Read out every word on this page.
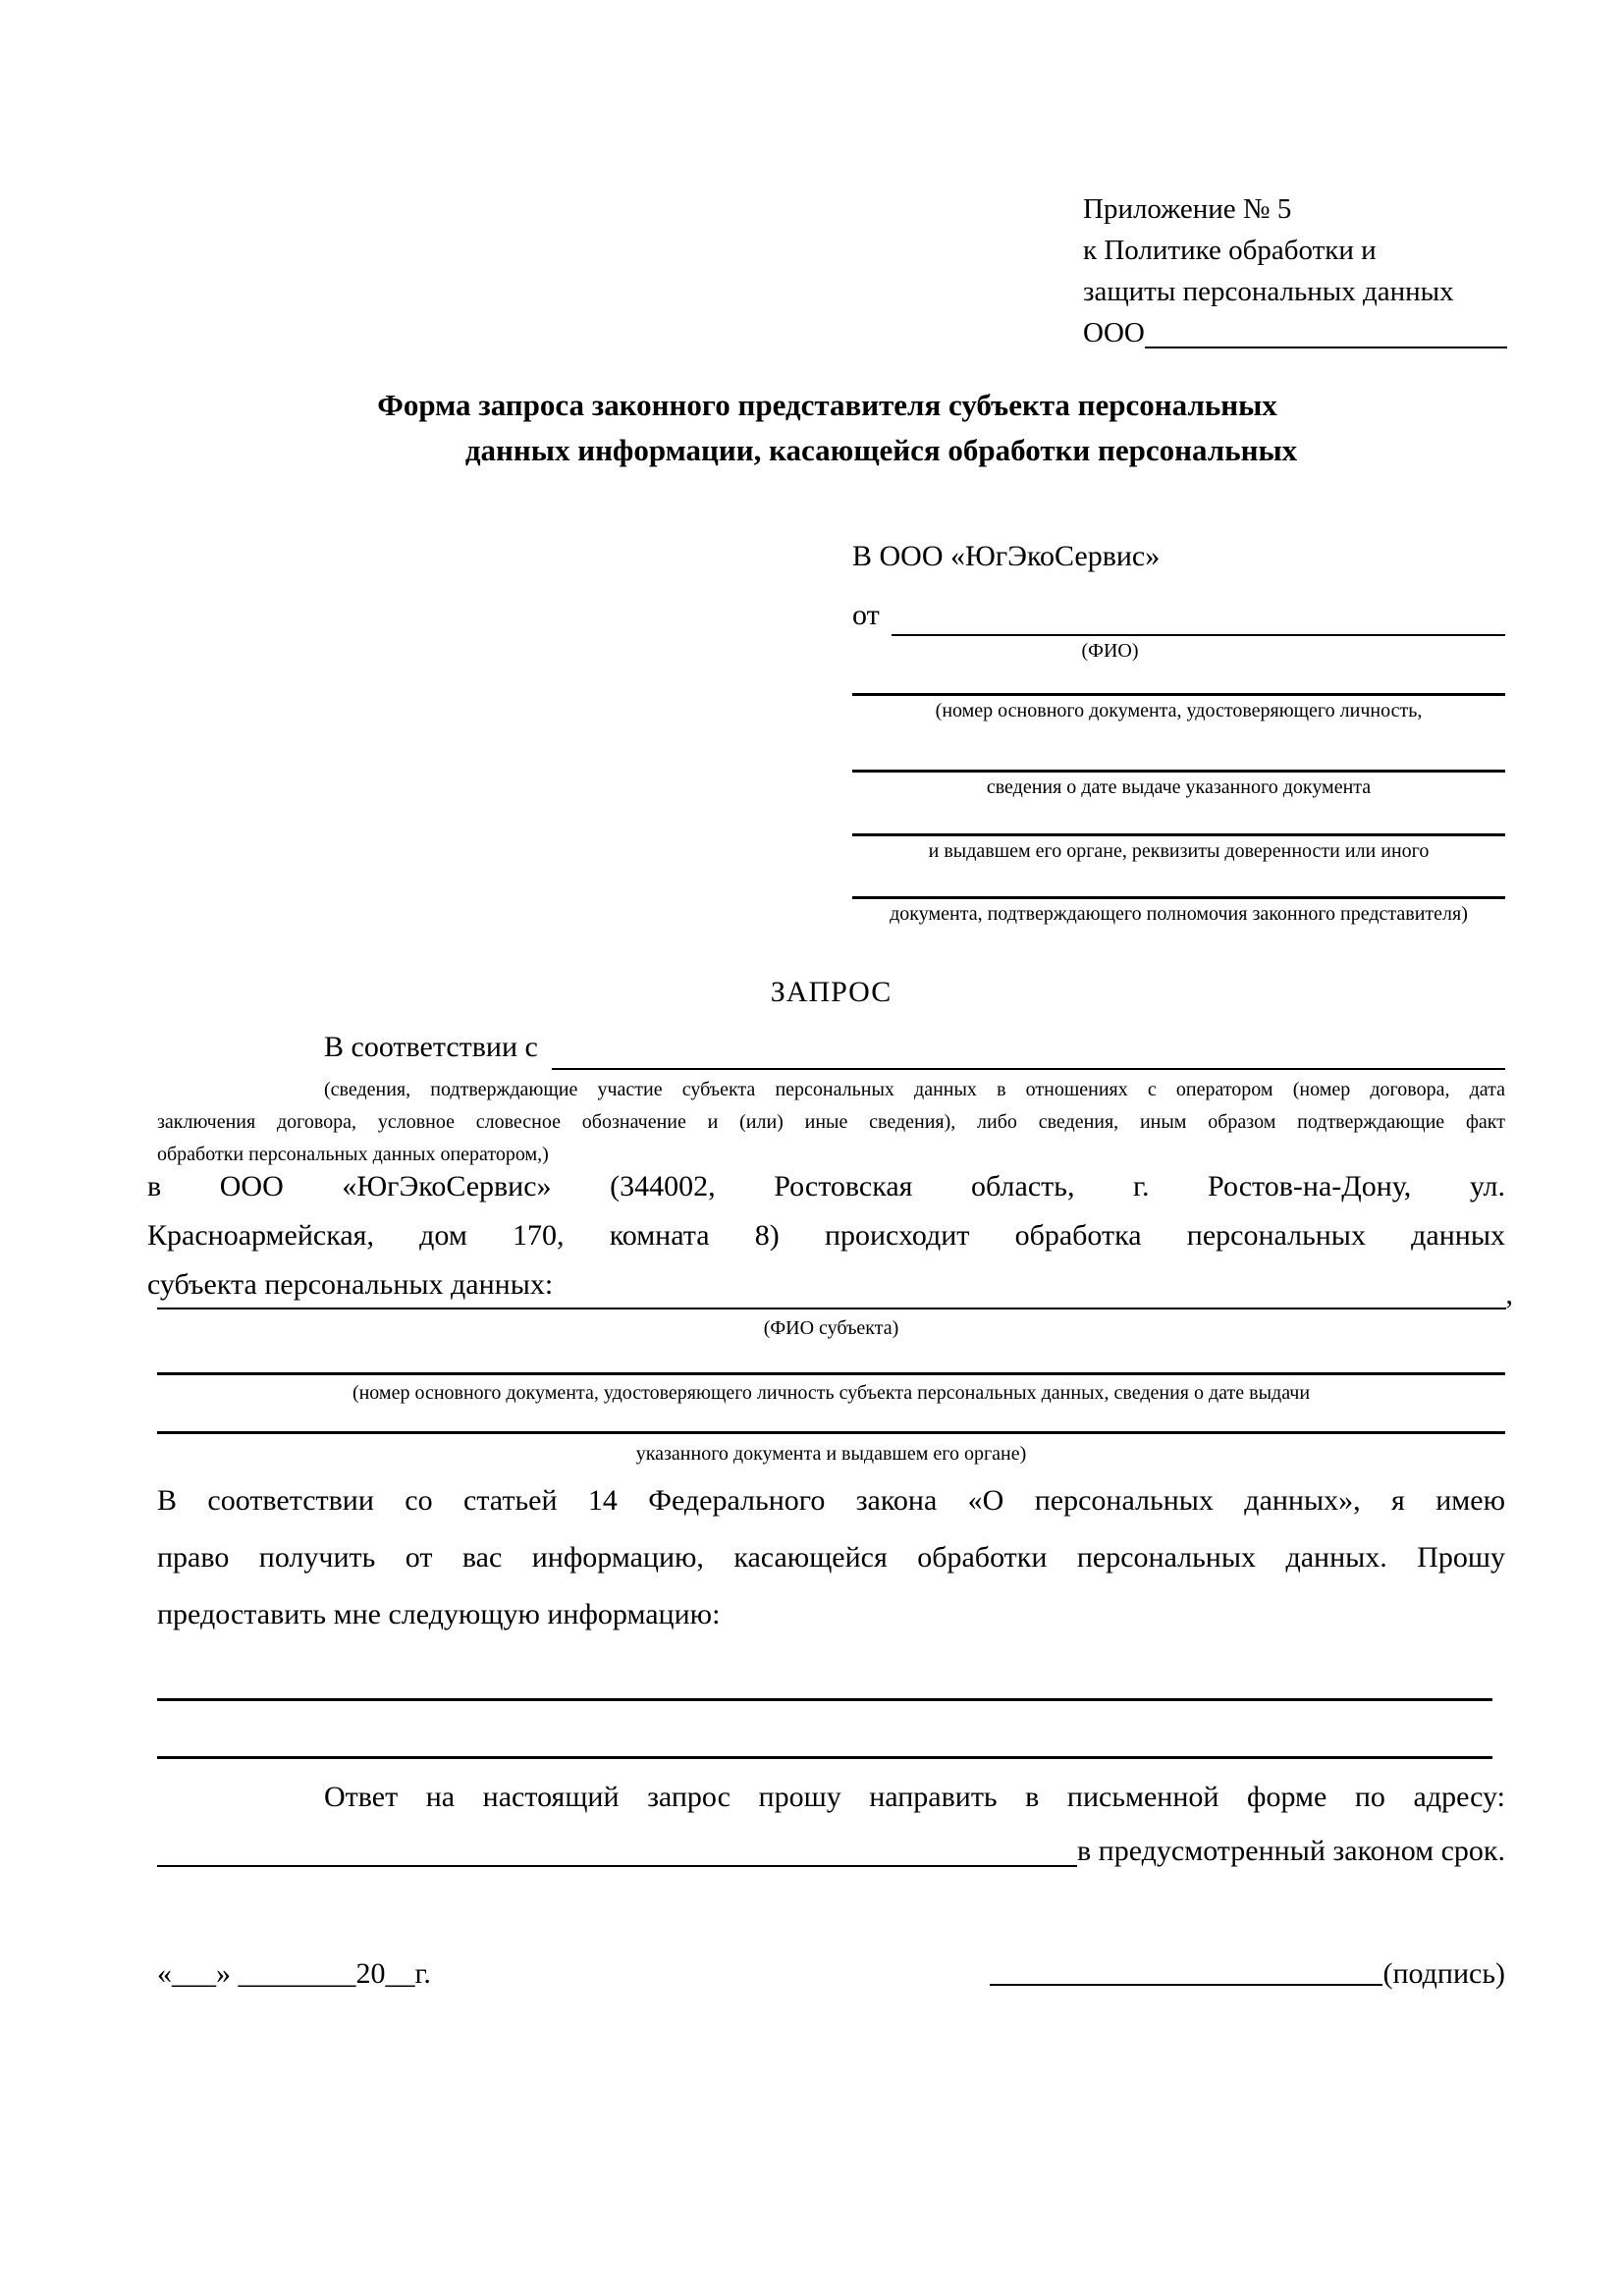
Приложение № 5
к Политике обработки и
защиты персональных данных
ООО
Форма запроса законного представителя субъекта персональных
данных информации, касающейся обработки персональных
В ООО «ЮгЭкоСервис»
от
(ФИО)
(номер основного документа, удостоверяющего личность,
сведения о дате выдаче указанного документа
и выдавшем его органе, реквизиты доверенности или иного
документа, подтверждающего полномочия законного представителя)
ЗАПРОС
В соответствии с
(сведения, подтверждающие участие субъекта персональных данных в отношениях с оператором (номер договора, дата
заключения договора, условное словесное обозначение и (или) иные сведения), либо сведения, иным образом подтверждающие факт
обработки персональных данных оператором,)
в ООО «ЮгЭкоСервис» (344002, Ростовская область, г. Ростов-на-Дону, ул.
Красноармейская, дом 170, комната 8) происходит обработка персональных данных
субъекта персональных данных:	,
(ФИО субъекта)
(номер основного документа, удостоверяющего личность субъекта персональных данных, сведения о дате выдачи
указанного документа и выдавшем его органе)
В соответствии со статьей 14 Федерального закона «О персональных данных», я имею
право получить от вас информацию, касающейся обработки персональных данных. Прошу
предоставить мне следующую информацию:
Ответ на настоящий запрос прошу направить в письменной форме по адресу:
в предусмотренный законом срок.
«___» ________20__г.	(подпись)
